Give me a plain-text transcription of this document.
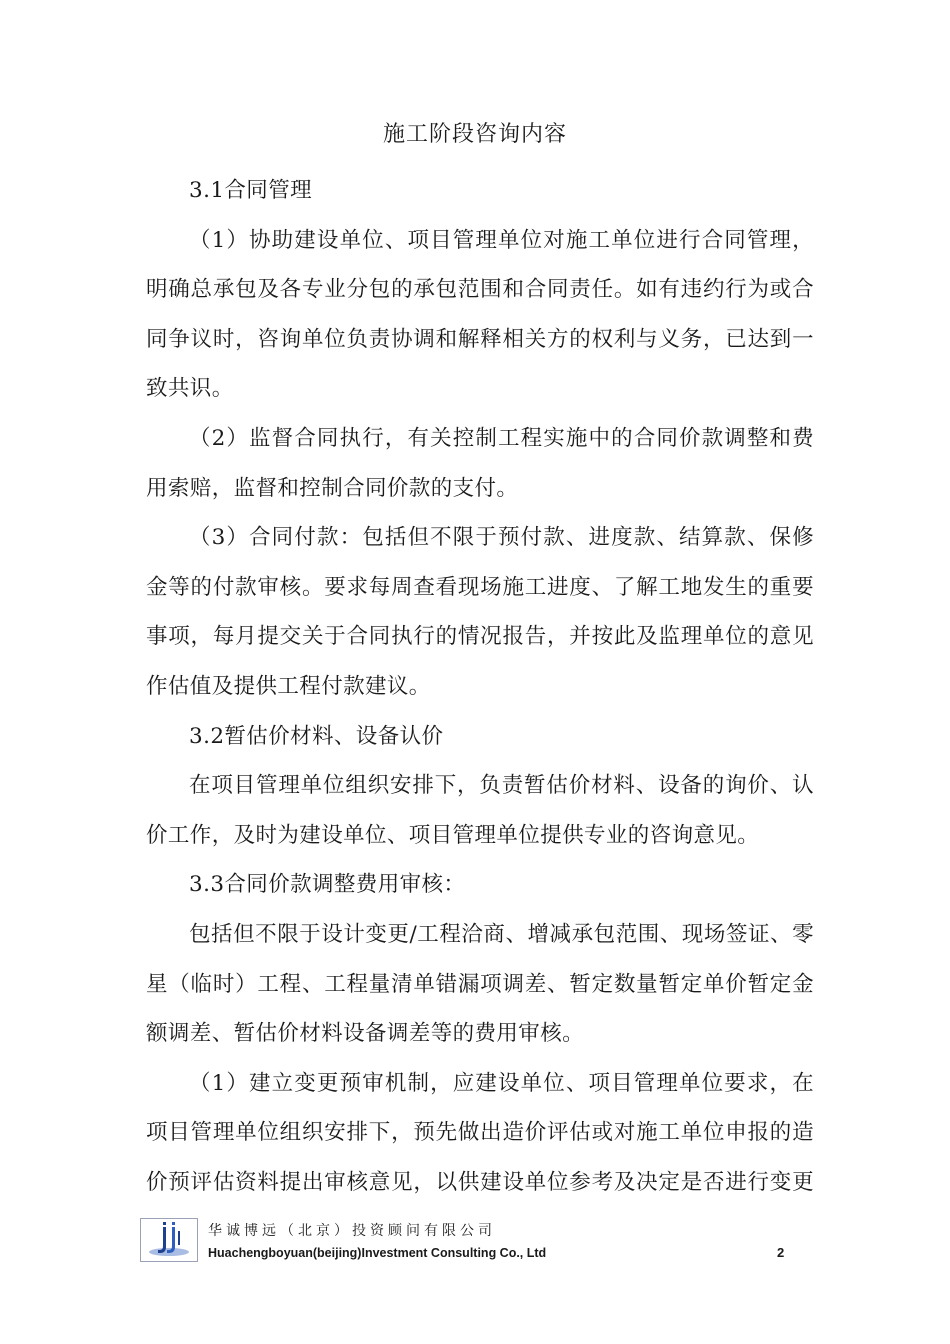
施工阶段咨询内容

3.1合同管理

（1）协助建设单位、项目管理单位对施工单位进行合同管理，明确总承包及各专业分包的承包范围和合同责任。如有违约行为或合同争议时，咨询单位负责协调和解释相关方的权利与义务，已达到一致共识。

（2）监督合同执行，有关控制工程实施中的合同价款调整和费用索赔，监督和控制合同价款的支付。

（3）合同付款：包括但不限于预付款、进度款、结算款、保修金等的付款审核。要求每周查看现场施工进度、了解工地发生的重要事项，每月提交关于合同执行的情况报告，并按此及监理单位的意见作估值及提供工程付款建议。

3.2暂估价材料、设备认价

在项目管理单位组织安排下，负责暂估价材料、设备的询价、认价工作，及时为建设单位、项目管理单位提供专业的咨询意见。

3.3合同价款调整费用审核：

包括但不限于设计变更/工程洽商、增减承包范围、现场签证、零星（临时）工程、工程量清单错漏项调差、暂定数量暂定单价暂定金额调差、暂估价材料设备调差等的费用审核。

（1）建立变更预审机制，应建设单位、项目管理单位要求，在项目管理单位组织安排下，预先做出造价评估或对施工单位申报的造价预评估资料提出审核意见，以供建设单位参考及决定是否进行变更

华诚博远（北京）投资顾问有限公司
Huachengboyuan(beijing)Investment Consulting Co., Ltd	2
